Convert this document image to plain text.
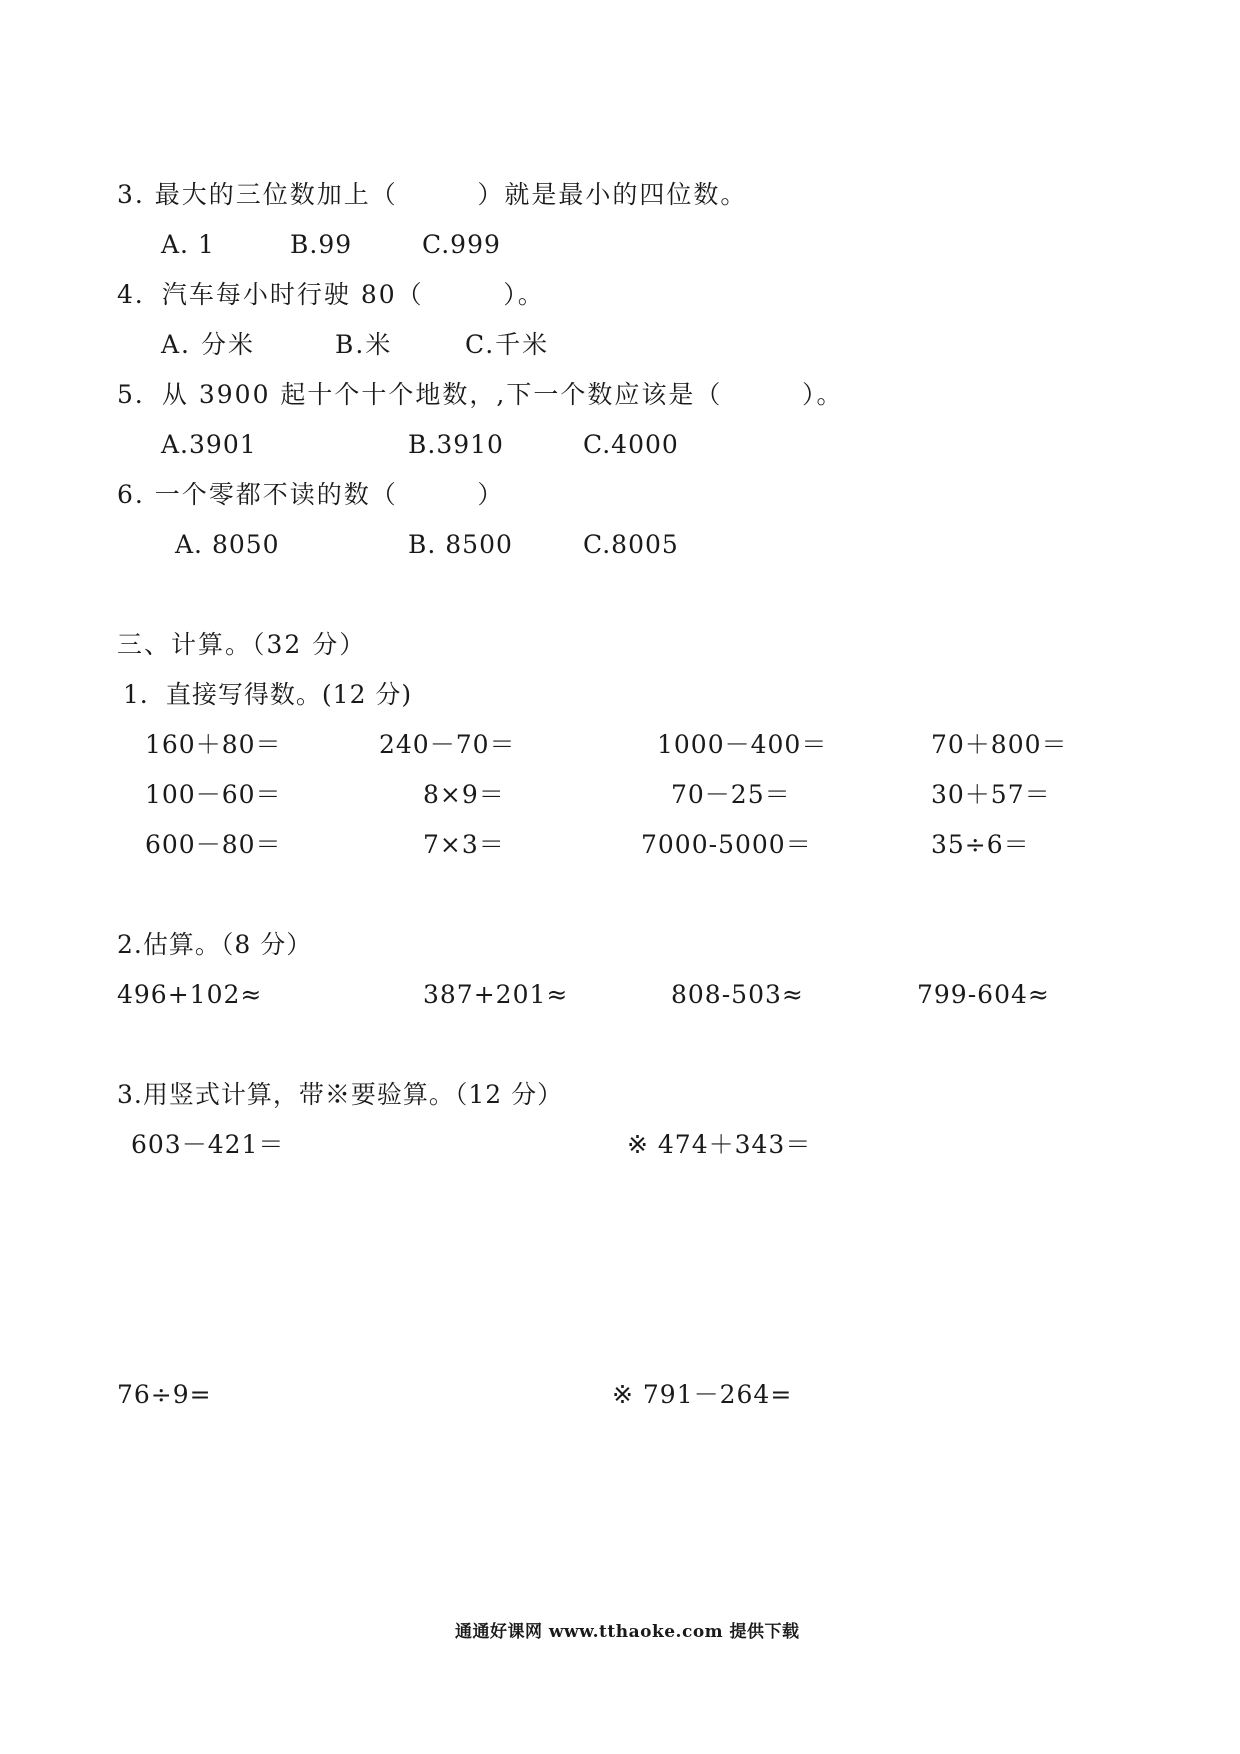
3. 最大的三位数加上（        ）就是最小的四位数。
A. 1	B.99	C.999
4．汽车每小时行驶 80（        ）。
A. 分米	B.米	C.千米
5．从 3900 起十个十个地数，,下一个数应该是（        ）。
A.3901	B.3910	C.4000
6. 一个零都不读的数（        ）
A. 8050	B. 8500	C.8005
三、计算。（32 分）
1．直接写得数。(12 分)
160＋80＝	240－70＝	1000－400＝	70＋800＝
100－60＝	8×9＝	70－25＝	30＋57＝
600－80＝	7×3＝	7000-5000＝	35÷6＝
2.估算。（8 分）
496+102≈	387+201≈	808-503≈	799-604≈
3.用竖式计算，带※要验算。（12 分）
603－421＝	※ 474＋343＝
76÷9=	※ 791－264=
通通好课网 www.tthaoke.com 提供下载
